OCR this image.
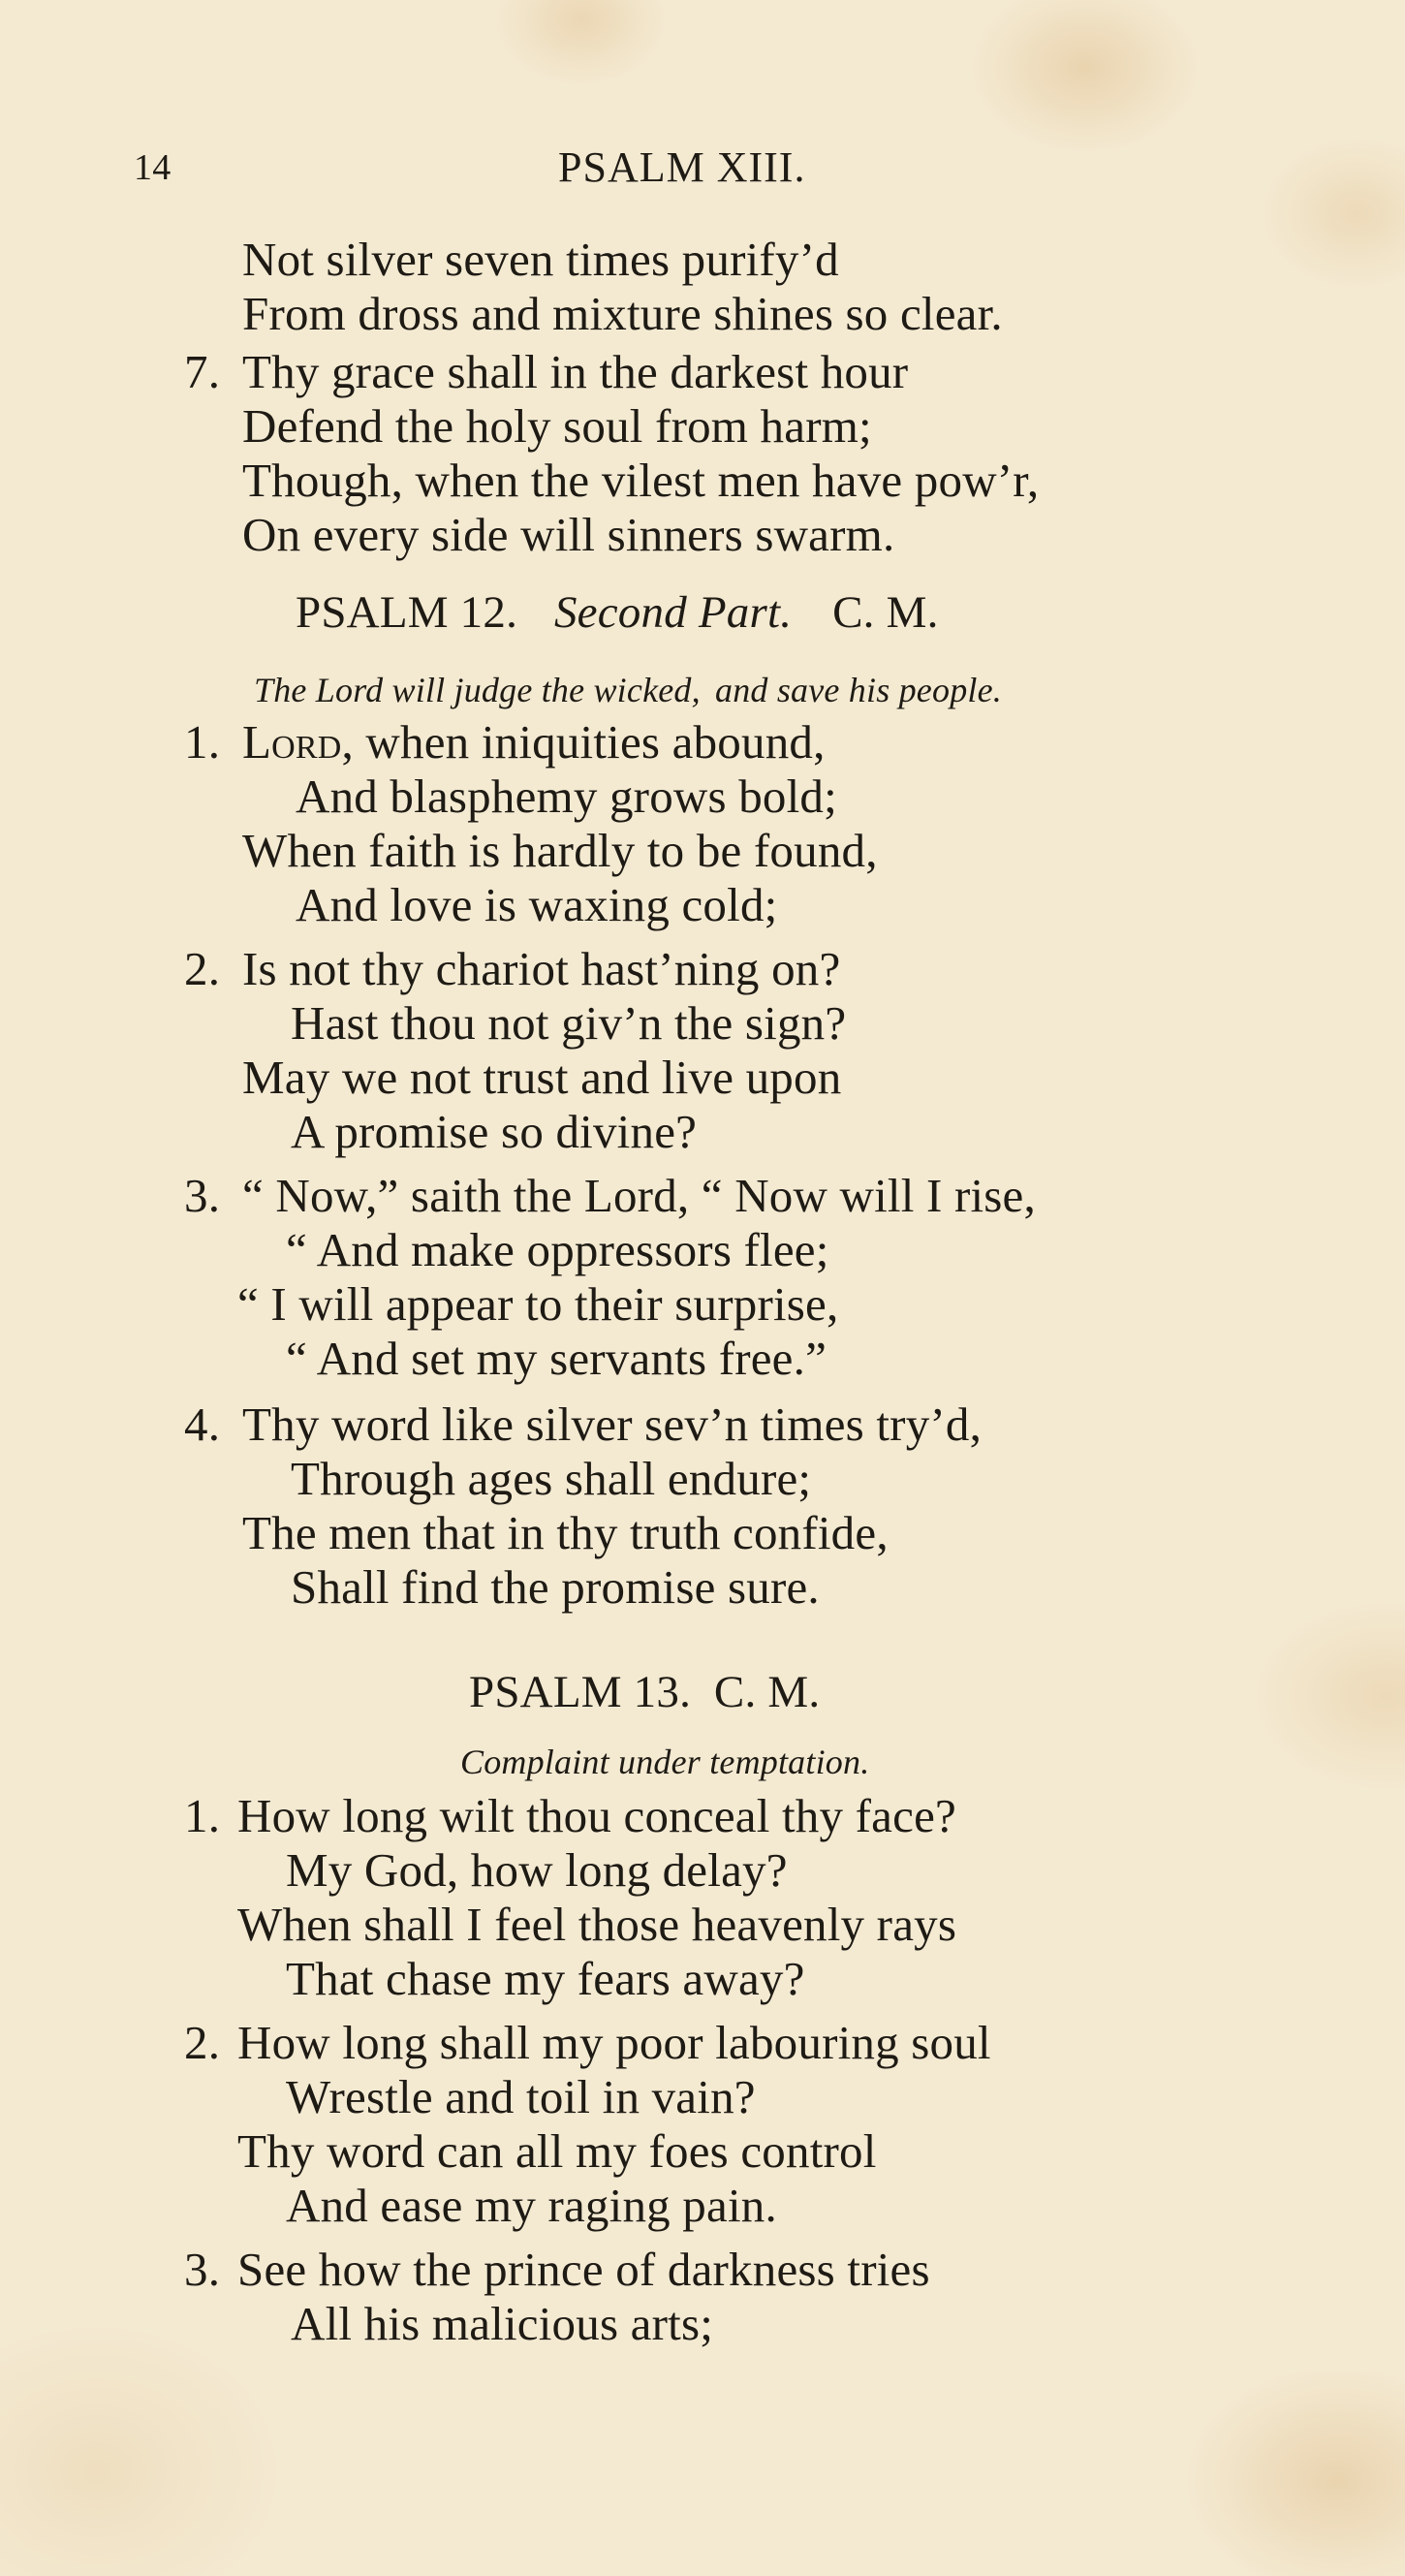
14	PSALM XIII.
Not silver seven times purify’d
From dross and mixture shines so clear.
7. Thy grace shall in the darkest hour
Defend the holy soul from harm;
Though, when the vilest men have pow’r,
On every side will sinners swarm.
PSALM 12. Second Part. C. M.
The Lord will judge the wicked, and save his people.
1. Lord, when iniquities abound,
And blasphemy grows bold;
When faith is hardly to be found,
And love is waxing cold;
2. Is not thy chariot hast’ning on?
Hast thou not giv’n the sign?
May we not trust and live upon
A promise so divine?
3. “ Now,” saith the Lord, “ Now will I rise,
“ And make oppressors flee;
“ I will appear to their surprise,
“ And set my servants free.”
4. Thy word like silver sev’n times try’d,
Through ages shall endure;
The men that in thy truth confide,
Shall find the promise sure.
PSALM 13.  C. M.
Complaint under temptation.
1. How long wilt thou conceal thy face?
My God, how long delay?
When shall I feel those heavenly rays
That chase my fears away?
2. How long shall my poor labouring soul
Wrestle and toil in vain?
Thy word can all my foes control
And ease my raging pain.
3. See how the prince of darkness tries
All his malicious arts;
